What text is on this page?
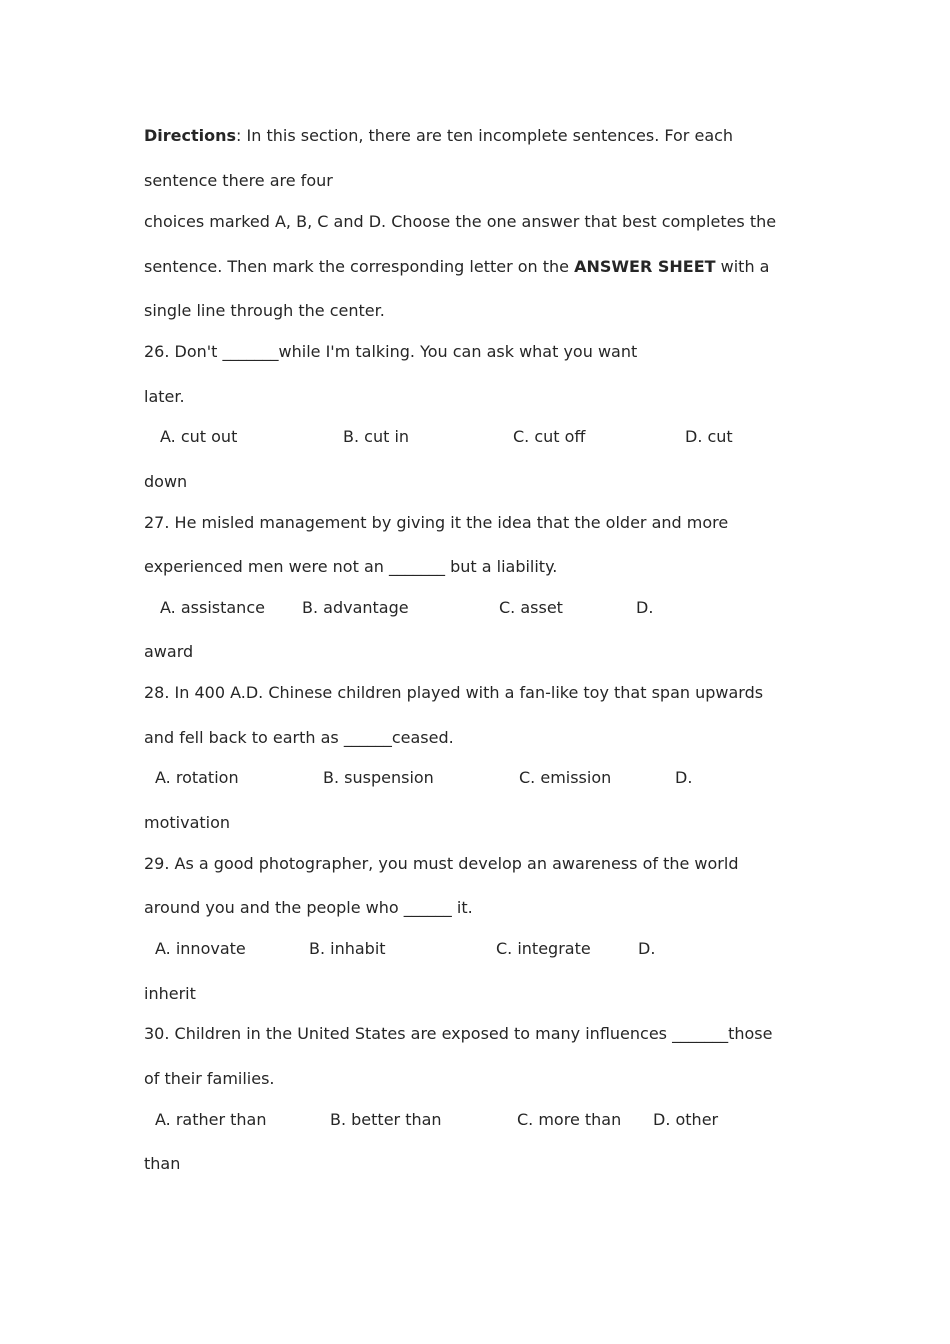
Directions: In this section, there are ten incomplete sentences. For each
sentence there are four
choices marked A, B, C and D. Choose the one answer that best completes the
sentence. Then mark the corresponding letter on the ANSWER SHEET with a
single line through the center.
26. Don't _______while I'm talking. You can ask what you want
later.
A. cut out	B. cut in	C. cut off	D. cut
down
27. He misled management by giving it the idea that the older and more
experienced men were not an _______ but a liability.
A. assistance B. advantage	C. asset	D.
award
28. In 400 A.D. Chinese children played with a fan-like toy that span upwards
and fell back to earth as ______ceased.
A. rotation	B. suspension	C. emission	D.
motivation
29. As a good photographer, you must develop an awareness of the world
around you and the people who ______ it.
A. innovate	B. inhabit	C. integrate	D.
inherit
30. Children in the United States are exposed to many influences _______those
of their families.
A. rather than	B. better than	C. more than D. other
than
